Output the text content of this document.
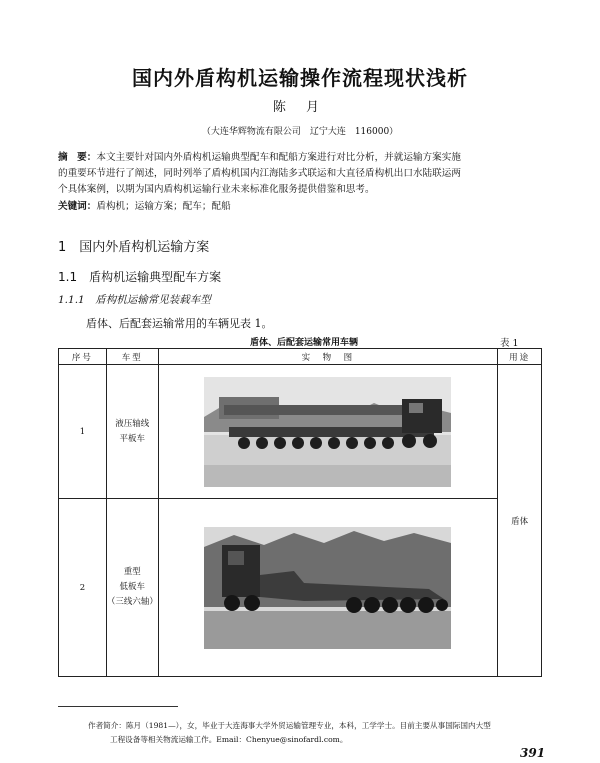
国内外盾构机运输操作流程现状浅析
陈 月
（大连华辉物流有限公司　辽宁大连　116000）
摘　要：本文主要针对国内外盾构机运输典型配车和配船方案进行对比分析，并就运输方案实施
的重要环节进行了阐述，同时列举了盾构机国内江海陆多式联运和大直径盾构机出口水陆联运两
个具体案例，以期为国内盾构机运输行业未来标准化服务提供借鉴和思考。
关键词：盾构机；运输方案；配车；配船
1　国内外盾构机运输方案
1.1　盾构机运输典型配车方案
1.1.1　盾构机运输常见装载车型
盾体、后配套运输常用的车辆见表 1。
盾体、后配套运输常用车辆	表 1
序号	车型	实　物　图	用途
1	液压轴线
平板车		盾体
2	重型
低板车
（三线六轴）

作者简介：陈月（1981—），女，毕业于大连海事大学外贸运输管理专业，本科，工学学士。目前主要从事国际国内大型
工程设备等相关物流运输工作。Email：Chenyue@sinofardl.com。
391
